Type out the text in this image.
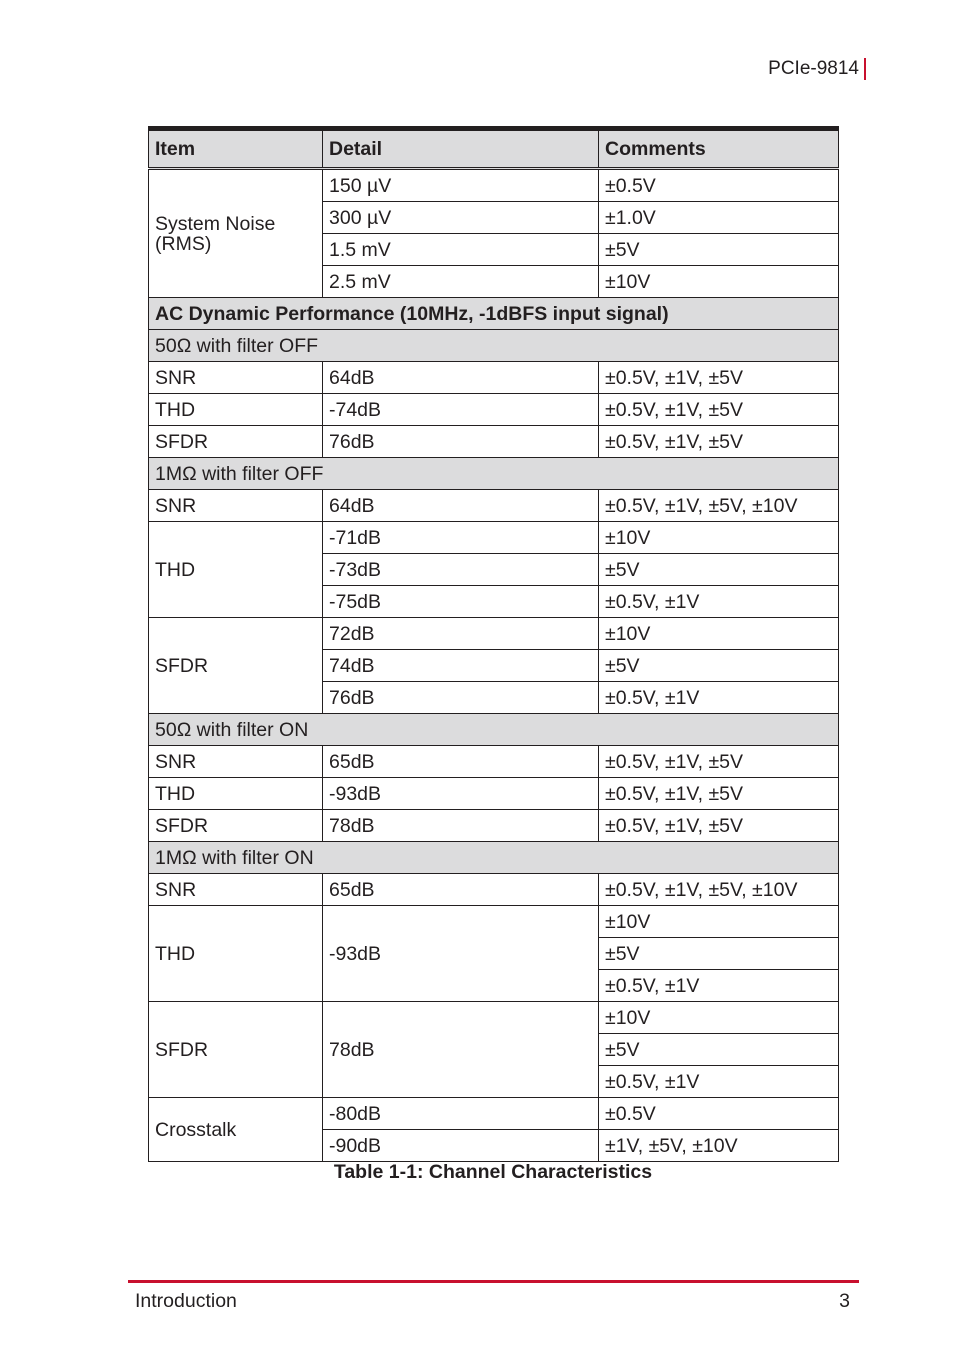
PCIe-9814
Item	Detail	Comments
System Noise (RMS)	150 µV	±0.5V
	300 µV	±1.0V
	1.5 mV	±5V
	2.5 mV	±10V
AC Dynamic Performance (10MHz, -1dBFS input signal)		
50Ω with filter OFF		
SNR	64dB	±0.5V, ±1V, ±5V
THD	-74dB	±0.5V, ±1V, ±5V
SFDR	76dB	±0.5V, ±1V, ±5V
1MΩ with filter OFF		
SNR	64dB	±0.5V, ±1V, ±5V, ±10V
THD	-71dB	±10V
	-73dB	±5V
	-75dB	±0.5V, ±1V
SFDR	72dB	±10V
	74dB	±5V
	76dB	±0.5V, ±1V
50Ω with filter ON		
SNR	65dB	±0.5V, ±1V, ±5V
THD	-93dB	±0.5V, ±1V, ±5V
SFDR	78dB	±0.5V, ±1V, ±5V
1MΩ with filter ON		
SNR	65dB	±0.5V, ±1V, ±5V, ±10V
THD	-93dB	±10V
		±5V
		±0.5V, ±1V
SFDR	78dB	±10V
		±5V
		±0.5V, ±1V
Crosstalk	-80dB	±0.5V
	-90dB	±1V, ±5V, ±10V
Table 1-1: Channel Characteristics
Introduction	3
